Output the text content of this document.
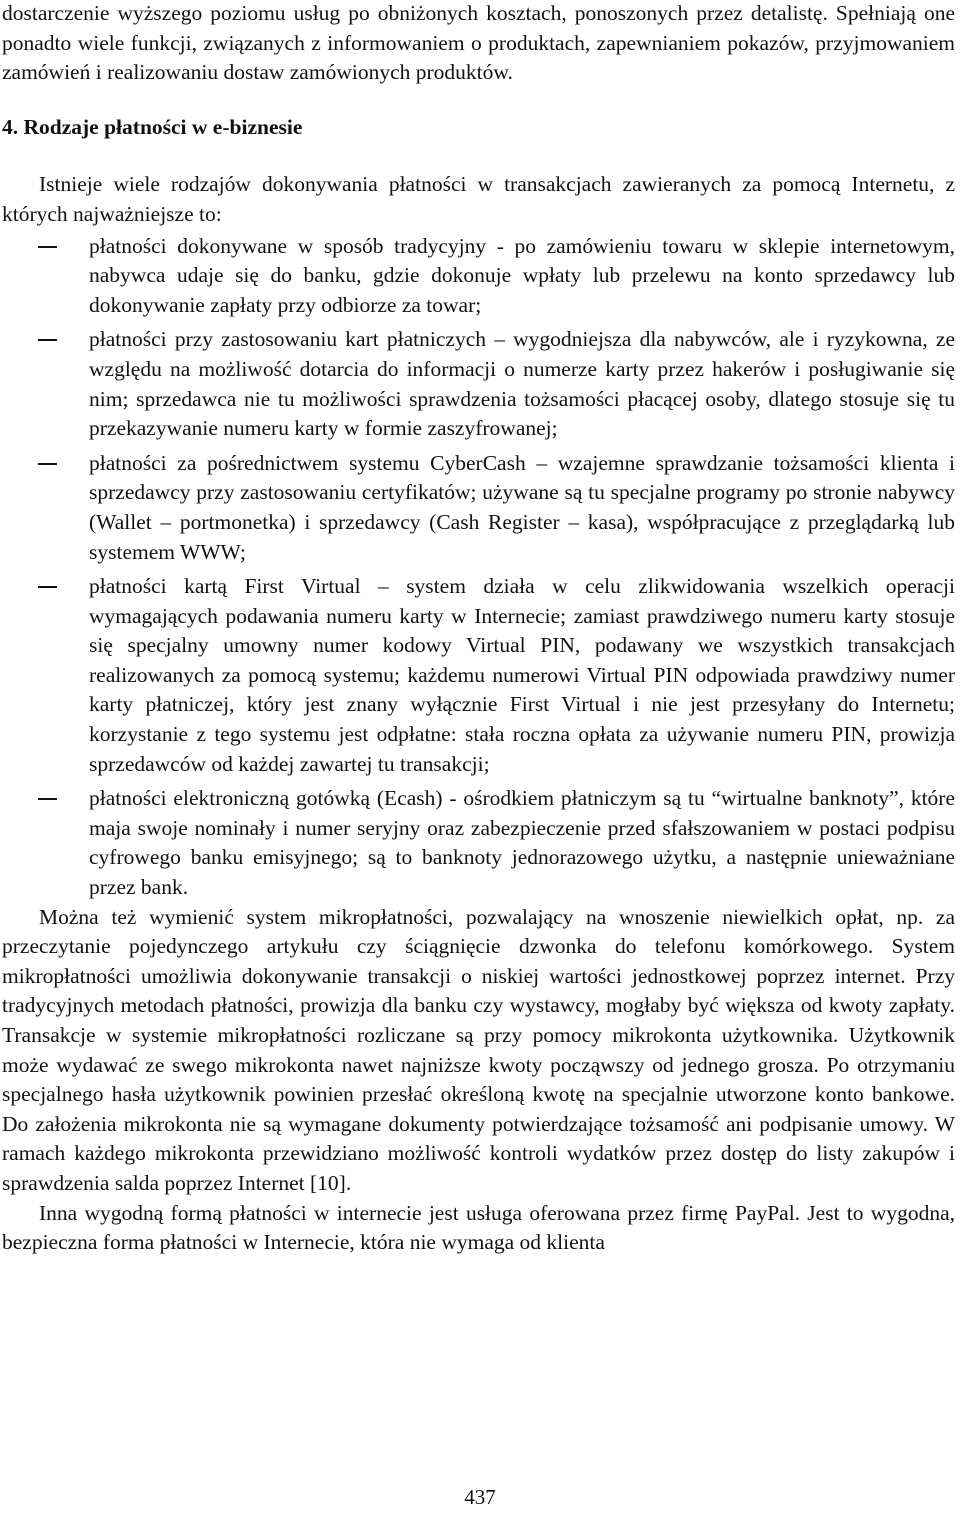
dostarczenie wyższego poziomu usług po obniżonych kosztach, ponoszonych przez detalistę. Spełniają one ponadto wiele funkcji, związanych z informowaniem o produktach, zapewnianiem pokazów, przyjmowaniem zamówień i realizowaniu dostaw zamówionych produktów.

4. Rodzaje płatności w e-biznesie

Istnieje wiele rodzajów dokonywania płatności w transakcjach zawieranych za pomocą Internetu, z których najważniejsze to:

płatności dokonywane w sposób tradycyjny - po zamówieniu towaru w sklepie internetowym, nabywca udaje się do banku, gdzie dokonuje wpłaty lub przelewu na konto sprzedawcy lub dokonywanie zapłaty przy odbiorze za towar;
płatności przy zastosowaniu kart płatniczych – wygodniejsza dla nabywców, ale i ryzykowna, ze względu na możliwość dotarcia do informacji o numerze karty przez hakerów i posługiwanie się nim; sprzedawca nie tu możliwości sprawdzenia tożsamości płacącej osoby, dlatego stosuje się tu przekazywanie numeru karty w formie zaszyfrowanej;
płatności za pośrednictwem systemu CyberCash – wzajemne sprawdzanie tożsamości klienta i sprzedawcy przy zastosowaniu certyfikatów; używane są tu specjalne programy po stronie nabywcy (Wallet – portmonetka) i sprzedawcy (Cash Register – kasa), współpracujące z przeglądarką lub systemem WWW;
płatności kartą First Virtual – system działa w celu zlikwidowania wszelkich operacji wymagających podawania numeru karty w Internecie; zamiast prawdziwego numeru karty stosuje się specjalny umowny numer kodowy Virtual PIN, podawany we wszystkich transakcjach realizowanych za pomocą systemu; każdemu numerowi Virtual PIN odpowiada prawdziwy numer karty płatniczej, który jest znany wyłącznie First Virtual i nie jest przesyłany do Internetu; korzystanie z tego systemu jest odpłatne: stała roczna opłata za używanie numeru PIN, prowizja sprzedawców od każdej zawartej tu transakcji;
płatności elektroniczną gotówką (Ecash) - ośrodkiem płatniczym są tu “wirtualne banknoty”, które maja swoje nominały i numer seryjny oraz zabezpieczenie przed sfałszowaniem w postaci podpisu cyfrowego banku emisyjnego; są to banknoty jednorazowego użytku, a następnie unieważniane przez bank.

Można też wymienić system mikropłatności, pozwalający na wnoszenie niewielkich opłat, np. za przeczytanie pojedynczego artykułu czy ściągnięcie dzwonka do telefonu komórkowego. System mikropłatności umożliwia dokonywanie transakcji o niskiej wartości jednostkowej poprzez internet. Przy tradycyjnych metodach płatności, prowizja dla banku czy wystawcy, mogłaby być większa od kwoty zapłaty. Transakcje w systemie mikropłatności rozliczane są przy pomocy mikrokonta użytkownika. Użytkownik może wydawać ze swego mikrokonta nawet najniższe kwoty począwszy od jednego grosza. Po otrzymaniu specjalnego hasła użytkownik powinien przesłać określoną kwotę na specjalnie utworzone konto bankowe. Do założenia mikrokonta nie są wymagane dokumenty potwierdzające tożsamość ani podpisanie umowy. W ramach każdego mikrokonta przewidziano możliwość kontroli wydatków przez dostęp do listy zakupów i sprawdzenia salda poprzez Internet [10].

Inna wygodną formą płatności w internecie jest usługa oferowana przez firmę PayPal. Jest to wygodna, bezpieczna forma płatności w Internecie, która nie wymaga od klienta

437
